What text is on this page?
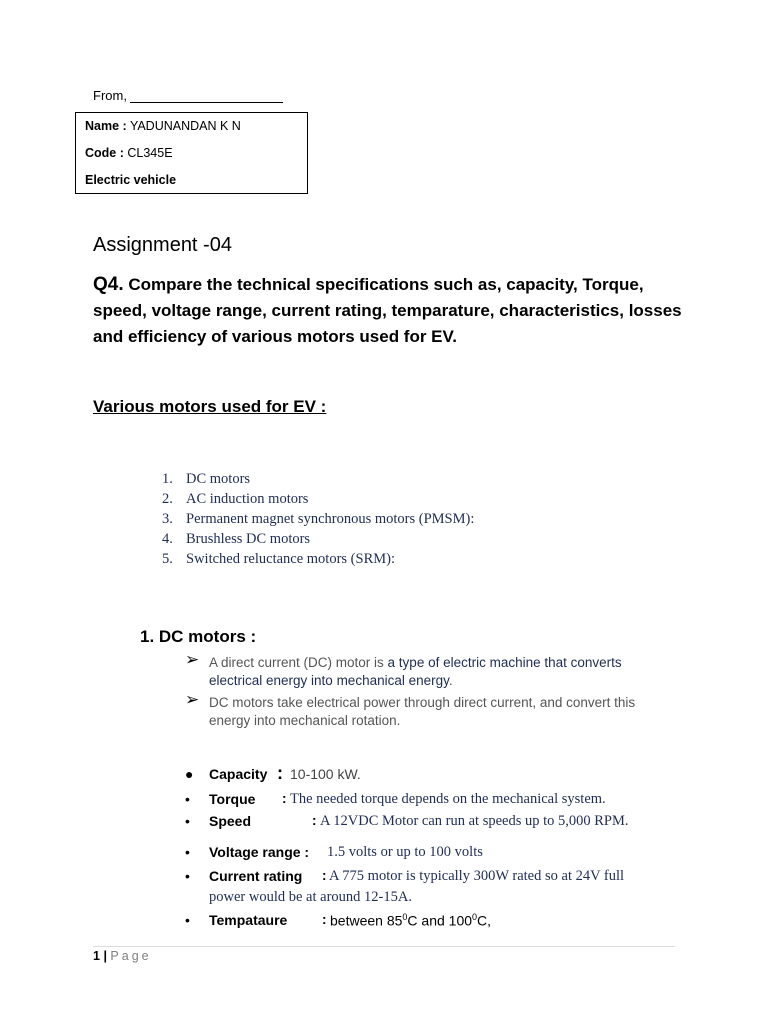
From,
Name : YADUNANDAN K N
Code : CL345E
Electric vehicle
Assignment -04
Q4. Compare the technical specifications such as, capacity, Torque, speed, voltage range, current rating, temparature, characteristics, losses and efficiency of various motors used for EV.
Various motors used for EV :
1. DC motors
2. AC induction motors
3. Permanent magnet synchronous motors (PMSM):
4. Brushless DC motors
5. Switched reluctance motors (SRM):
1. DC motors :
➢ A direct current (DC) motor is a type of electric machine that converts electrical energy into mechanical energy.
➢ DC motors take electrical power through direct current, and convert this energy into mechanical rotation.
● Capacity : 10-100 kW.
• Torque : The needed torque depends on the mechanical system.
• Speed	: A 12VDC Motor can run at speeds up to 5,000 RPM.
• Voltage range : 1.5 volts or up to 100 volts
• Current rating : A 775 motor is typically 300W rated so at 24V full
power would be at around 12-15A.
• Tempataure	: between $85^0C$ and $100^0C$,
1 | Page
